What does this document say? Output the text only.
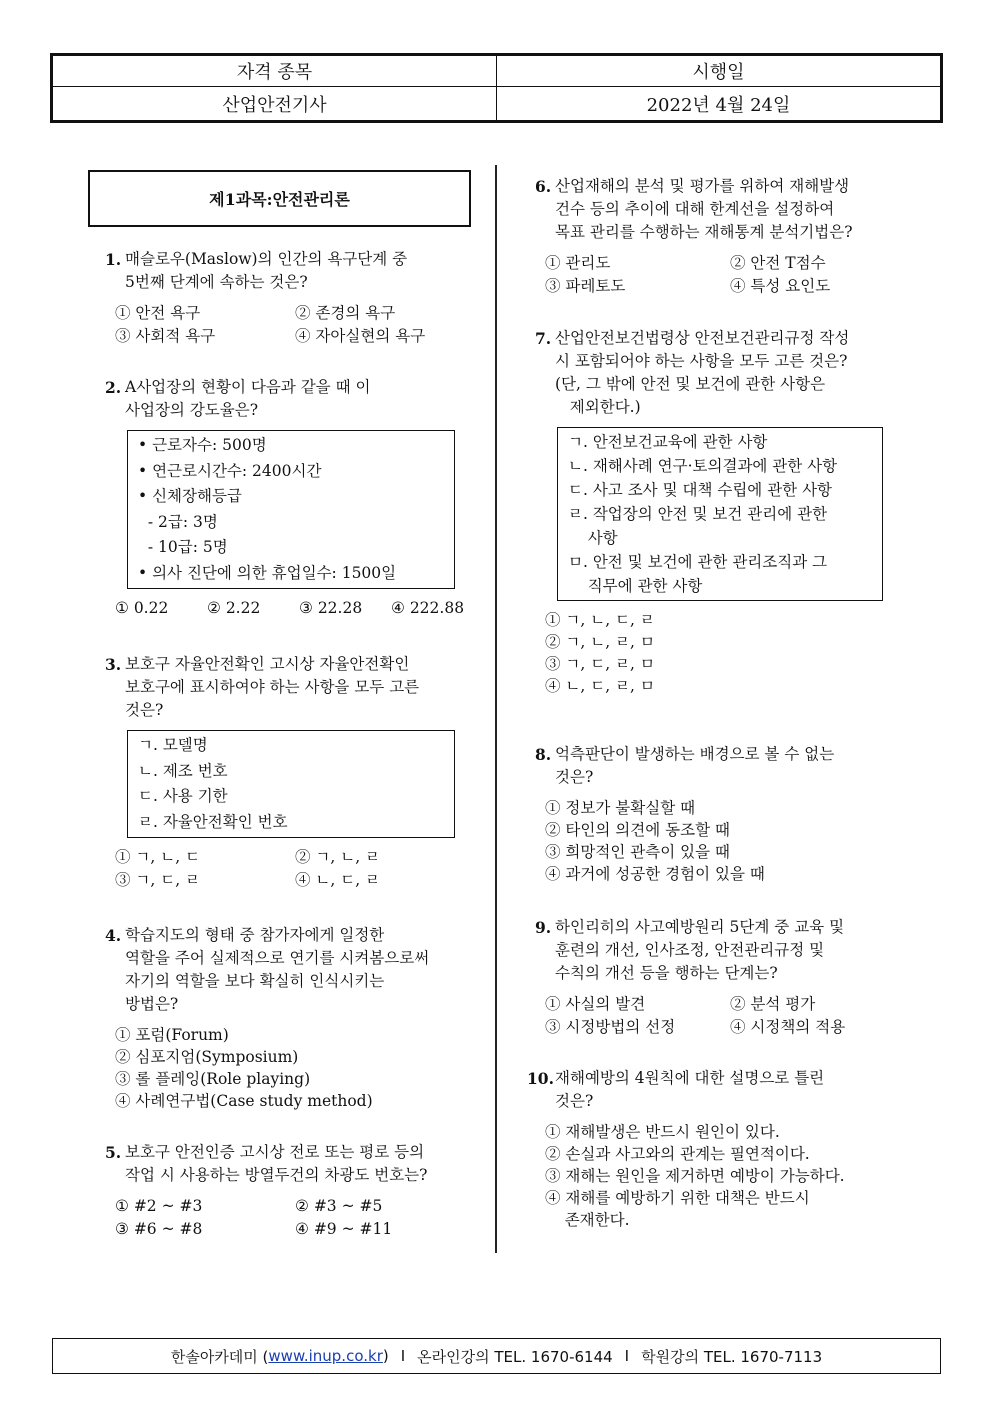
자격 종목	시행일
산업안전기사	2022년 4월 24일
제1과목:안전관리론
1. 매슬로우(Maslow)의 인간의 욕구단계 중
5번째 단계에 속하는 것은?
① 안전 욕구	② 존경의 욕구
③ 사회적 욕구	④ 자아실현의 욕구
2. A사업장의 현황이 다음과 같을 때 이
사업장의 강도율은?
• 근로자수: 500명
• 연근로시간수: 2400시간
• 신체장해등급
- 2급: 3명
- 10급: 5명
• 의사 진단에 의한 휴업일수: 1500일
① 0.22	② 2.22	③ 22.28	④ 222.88
3. 보호구 자율안전확인 고시상 자율안전확인
보호구에 표시하여야 하는 사항을 모두 고른
것은?
ㄱ. 모델명
ㄴ. 제조 번호
ㄷ. 사용 기한
ㄹ. 자율안전확인 번호
① ㄱ, ㄴ, ㄷ	② ㄱ, ㄴ, ㄹ
③ ㄱ, ㄷ, ㄹ	④ ㄴ, ㄷ, ㄹ
4. 학습지도의 형태 중 참가자에게 일정한
역할을 주어 실제적으로 연기를 시켜봄으로써
자기의 역할을 보다 확실히 인식시키는
방법은?
① 포럼(Forum)
② 심포지엄(Symposium)
③ 롤 플레잉(Role playing)
④ 사례연구법(Case study method)
5. 보호구 안전인증 고시상 전로 또는 평로 등의
작업 시 사용하는 방열두건의 차광도 번호는?
① #2 ~ #3	② #3 ~ #5
③ #6 ~ #8	④ #9 ~ #11
6. 산업재해의 분석 및 평가를 위하여 재해발생
건수 등의 추이에 대해 한계선을 설정하여
목표 관리를 수행하는 재해통계 분석기법은?
① 관리도	② 안전 T점수
③ 파레토도	④ 특성 요인도
7. 산업안전보건법령상 안전보건관리규정 작성
시 포함되어야 하는 사항을 모두 고른 것은?
(단, 그 밖에 안전 및 보건에 관한 사항은
제외한다.)
ㄱ. 안전보건교육에 관한 사항
ㄴ. 재해사례 연구·토의결과에 관한 사항
ㄷ. 사고 조사 및 대책 수립에 관한 사항
ㄹ. 작업장의 안전 및 보건 관리에 관한
사항
ㅁ. 안전 및 보건에 관한 관리조직과 그
직무에 관한 사항
① ㄱ, ㄴ, ㄷ, ㄹ
② ㄱ, ㄴ, ㄹ, ㅁ
③ ㄱ, ㄷ, ㄹ, ㅁ
④ ㄴ, ㄷ, ㄹ, ㅁ
8. 억측판단이 발생하는 배경으로 볼 수 없는
것은?
① 정보가 불확실할 때
② 타인의 의견에 동조할 때
③ 희망적인 관측이 있을 때
④ 과거에 성공한 경험이 있을 때
9. 하인리히의 사고예방원리 5단계 중 교육 및
훈련의 개선, 인사조정, 안전관리규정 및
수칙의 개선 등을 행하는 단계는?
① 사실의 발견	② 분석 평가
③ 시정방법의 선정	④ 시정책의 적용
10. 재해예방의 4원칙에 대한 설명으로 틀린
것은?
① 재해발생은 반드시 원인이 있다.
② 손실과 사고와의 관계는 필연적이다.
③ 재해는 원인을 제거하면 예방이 가능하다.
④ 재해를 예방하기 위한 대책은 반드시
존재한다.
한솔아카데미 ( www.inup.co.kr ) I 온라인강의 TEL. 1670-6144 I 학원강의 TEL. 1670-7113
